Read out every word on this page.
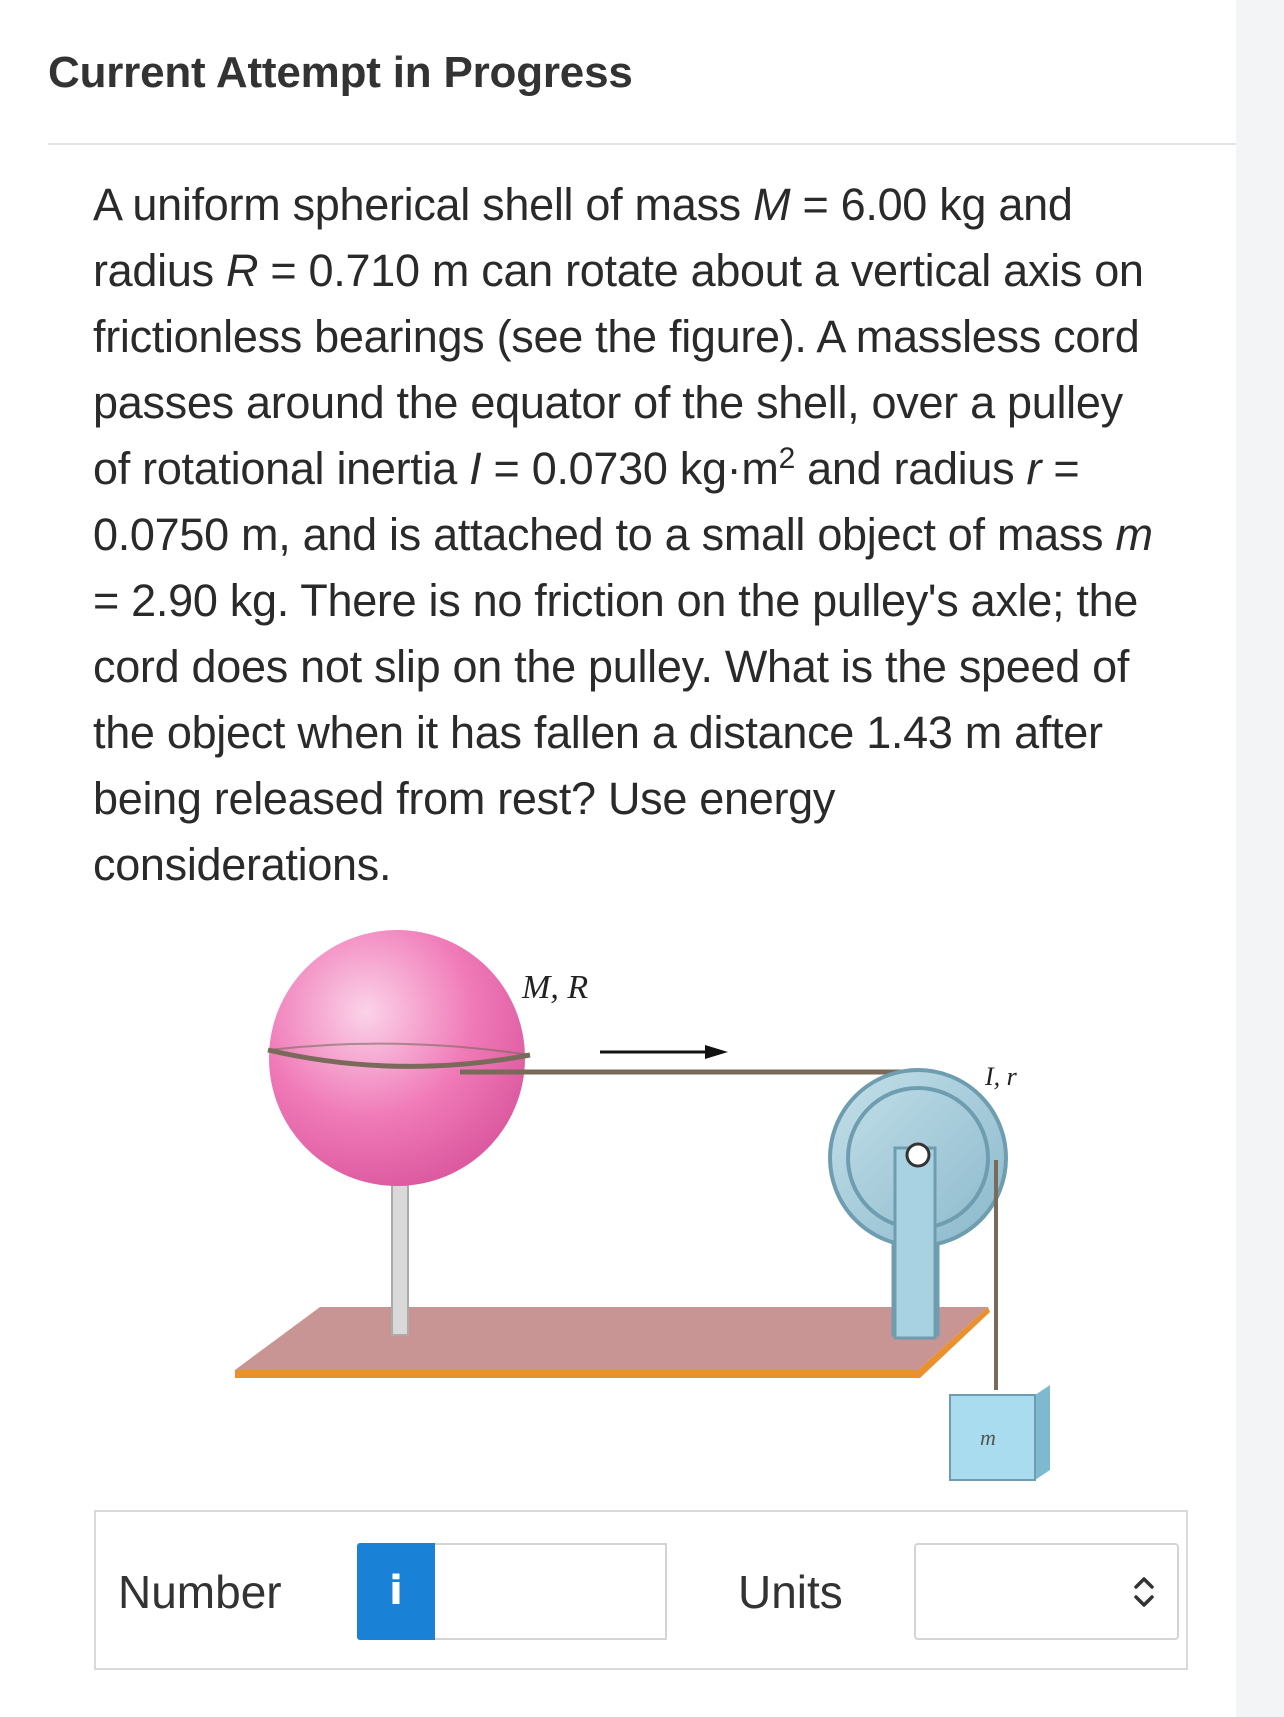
Current Attempt in Progress
A uniform spherical shell of mass M = 6.00 kg and
radius R = 0.710 m can rotate about a vertical axis on
frictionless bearings (see the figure). A massless cord
passes around the equator of the shell, over a pulley
of rotational inertia I = 0.0730 $kg\cdot m^2$ and radius r =
0.0750 m, and is attached to a small object of mass m
= 2.90 kg. There is no friction on the pulley's axle; the
cord does not slip on the pulley. What is the speed of
the object when it has fallen a distance 1.43 m after
being released from rest? Use energy
considerations.
M, R
I, r
m
Number	i	Units
